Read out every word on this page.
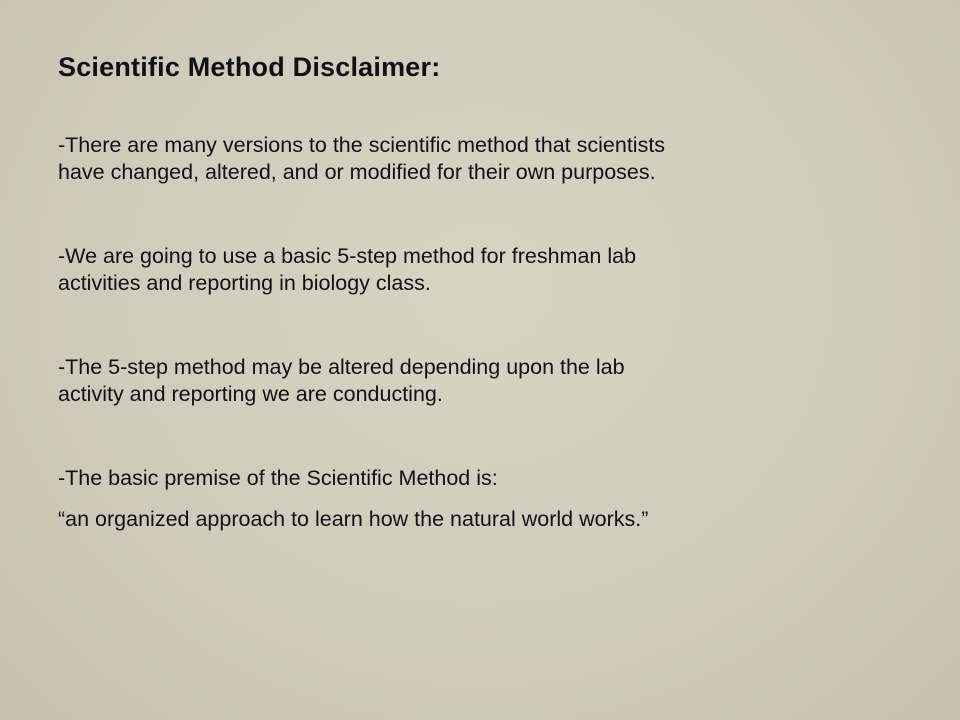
Scientific Method Disclaimer:
-There are many versions to the scientific method that scientists
have changed, altered, and or modified for their own purposes.
-We are going to use a basic 5-step method for freshman lab
activities and reporting in biology class.
-The 5-step method may be altered depending upon the lab
activity and reporting we are conducting.
-The basic premise of the Scientific Method is:
“an organized approach to learn how the natural world works.”
